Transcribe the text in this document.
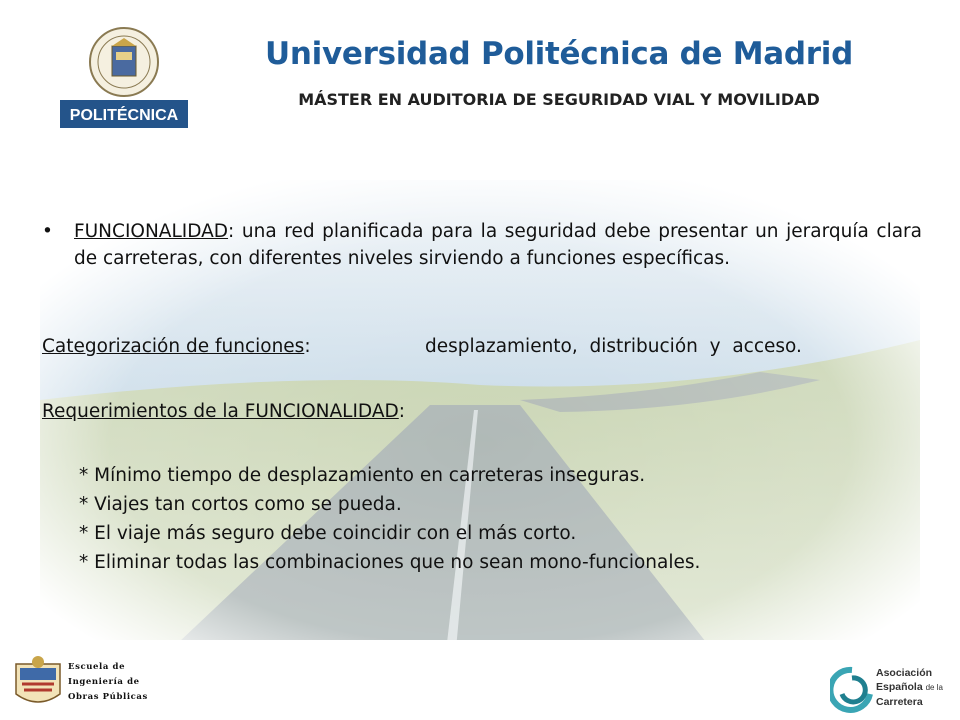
POLITÉCNICA
Universidad Politécnica de Madrid
MÁSTER EN AUDITORIA DE SEGURIDAD VIAL Y MOVILIDAD
• FUNCIONALIDAD: una red planificada para la seguridad debe presentar un jerarquía clara de carreteras, con diferentes niveles sirviendo a funciones específicas.
Categorización de funciones:	desplazamiento,  distribución  y  acceso.
Requerimientos de la FUNCIONALIDAD:
* Mínimo tiempo de desplazamiento en carreteras inseguras.
* Viajes tan cortos como se pueda.
* El viaje más seguro debe coincidir con el más corto.
* Eliminar todas las combinaciones que no sean mono-funcionales.
Escuela de
Ingeniería de
Obras Públicas
Asociación
Española de la
Carretera
